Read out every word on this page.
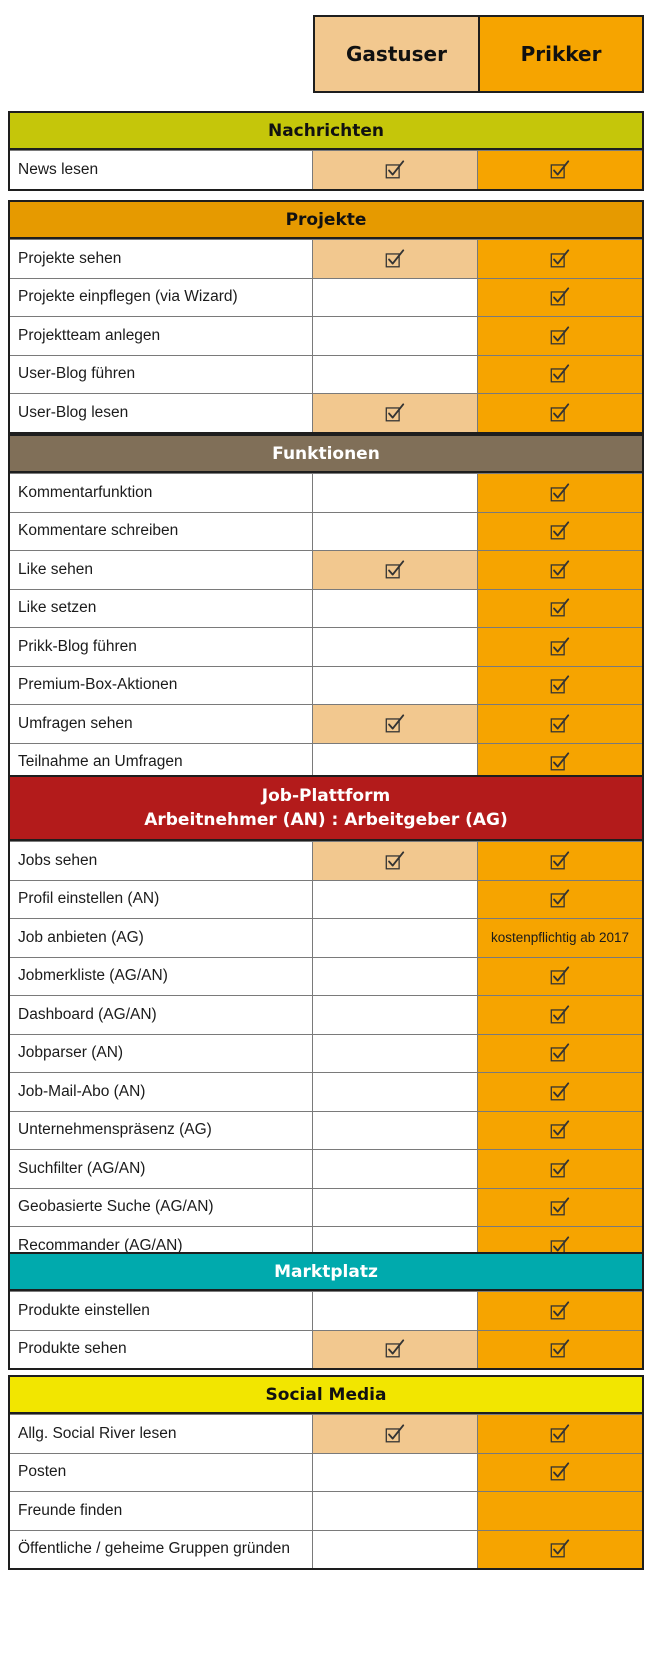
Gastuser	Prikker
Nachrichten
News lesen
Projekte
Projekte sehen
Projekte einpflegen (via Wizard)
Projektteam anlegen
User-Blog führen
User-Blog lesen
Funktionen
Kommentarfunktion
Kommentare schreiben
Like sehen
Like setzen
Prikk-Blog führen
Premium-Box-Aktionen
Umfragen sehen
Teilnahme an Umfragen
Job-Plattform
Arbeitnehmer (AN) : Arbeitgeber (AG)
Jobs sehen
Profil einstellen (AN)
Job anbieten (AG)	kostenpflichtig ab 2017
Jobmerkliste (AG/AN)
Dashboard (AG/AN)
Jobparser (AN)
Job-Mail-Abo (AN)
Unternehmenspräsenz (AG)
Suchfilter (AG/AN)
Geobasierte Suche (AG/AN)
Recommander (AG/AN)
Marktplatz
Produkte einstellen
Produkte sehen
Social Media
Allg. Social River lesen
Posten
Freunde finden
Öffentliche / geheime Gruppen gründen
